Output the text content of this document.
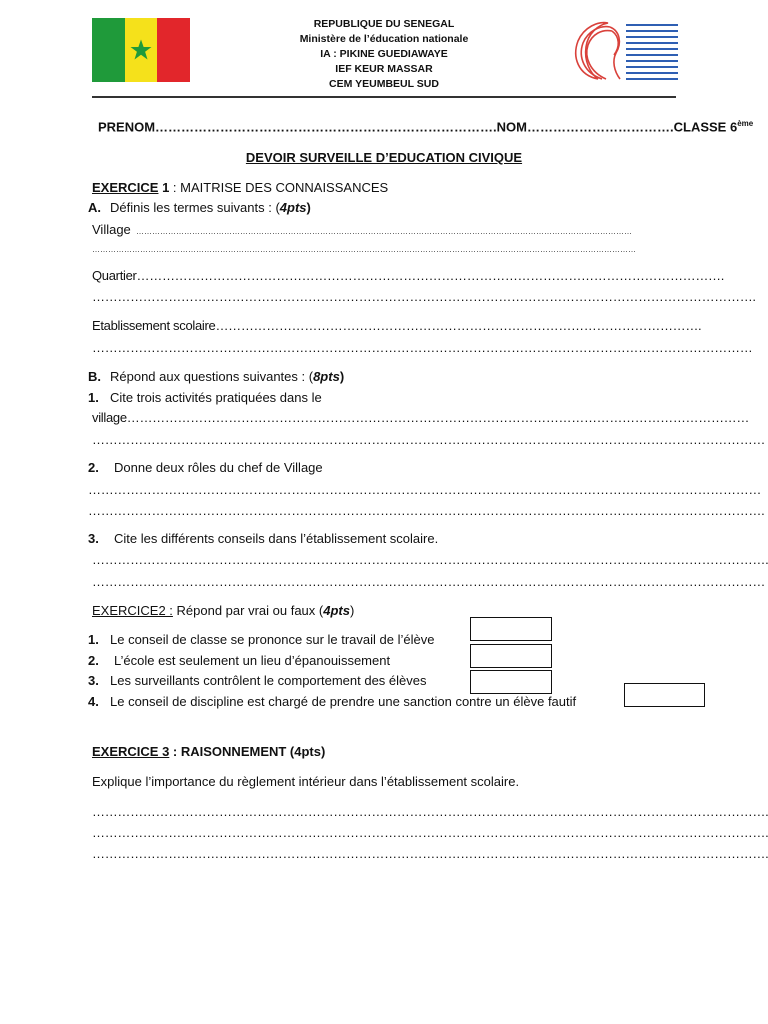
REPUBLIQUE DU SENEGAL
Ministère de l’éducation nationale
IA : PIKINE GUEDIAWAYE
IEF KEUR MASSAR
CEM YEUMBEUL SUD
PRENOM…………………………………………………………………….NOM…………………………….CLASSE 6ème
DEVOIR SURVEILLE D’EDUCATION CIVIQUE
EXERCICE 1 : MAITRISE DES CONNAISSANCES
A. Définis les termes suivants : (4pts)
Village ……………………………………………………………………………………………………………………………………………………………………
……………………………………………………………………………………………………………………………………………………………………………………
Quartier………………………………………………………………………………………………………………………….
………………………………………………………………………………………………………………………………………….
Etablissement scolaire…………………………………………………………………………………………………….
…………………………………………………………………………………………………………………………………………
B. Répond aux questions suivantes : (8pts)
1. Cite trois activités pratiquées dans le
village…………………………………………………………………………………………………………………………………
……………………………………………………………………………………………………………………………………………
2. Donne deux rôles du chef de Village
……………………………………………………………………………………………………………………………………………
…………………………………………………………………………………………………………………………………………….
3. Cite les différents conseils dans l’établissement scolaire.
…………………………………………………………………………………………………………………………………………….
……………………………………………………………………………………………………………………………………………
EXERCICE2 : Répond par vrai ou faux (4pts)
1. Le conseil de classe se prononce sur le travail de l’élève
2. L’école est seulement un lieu d’épanouissement
3. Les surveillants contrôlent le comportement des élèves
4. Le conseil de discipline est chargé de prendre une sanction contre un élève fautif
EXERCICE 3 : RAISONNEMENT (4pts)
Explique l’importance du règlement intérieur dans l’établissement scolaire.
…………………………………………………………………………………………………………………………………………….
…………………………………………………………………………………………………………………………………………….
…………………………………………………………………………………………………………………………………………….
